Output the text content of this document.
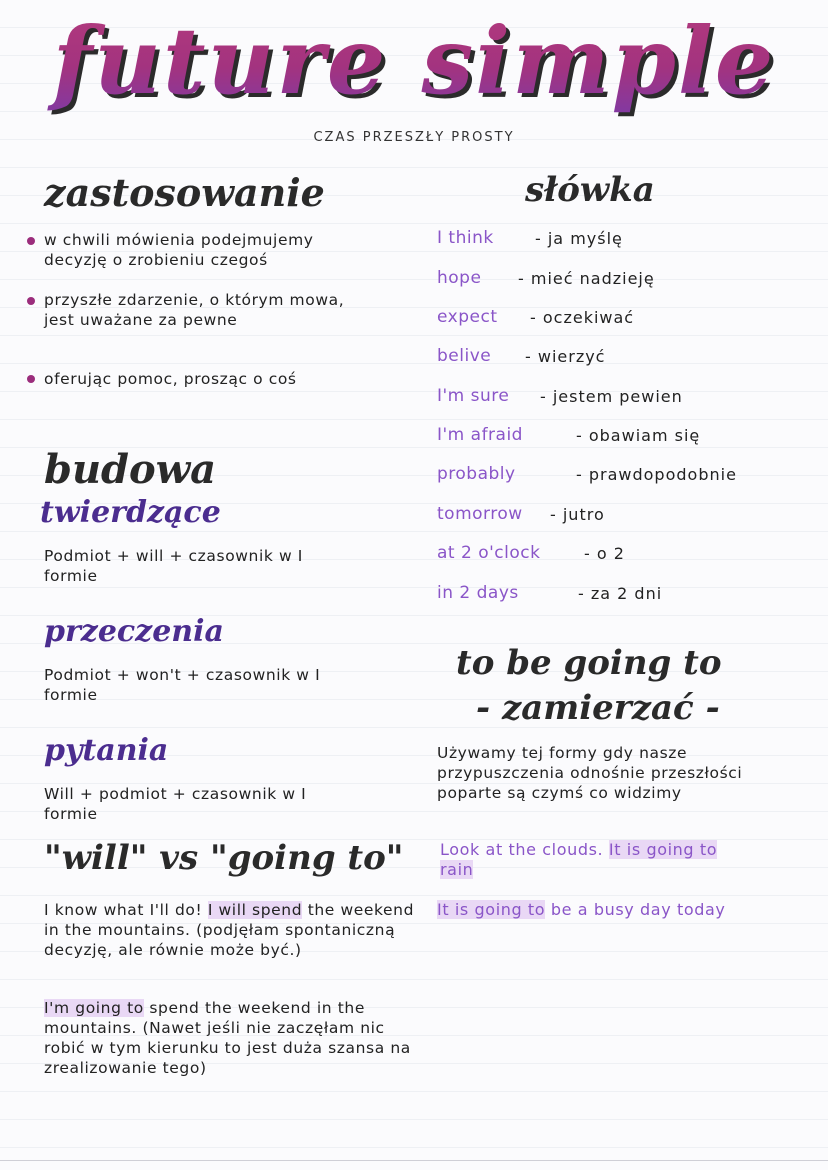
future simple
CZAS PRZESZŁY PROSTY
zastosowanie
w chwili mówienia podejmujemy decyzję o zrobieniu czegoś
przyszłe zdarzenie, o którym mowa, jest uważane za pewne
oferując pomoc, prosząc o coś
budowa
twierdzące
Podmiot + will + czasownik w I formie
przeczenia
Podmiot + won't + czasownik w I formie
pytania
Will + podmiot + czasownik w I formie
"will" vs "going to"
I know what I'll do! I will spend the weekend in the mountains. (podjęłam spontaniczną decyzję, ale równie może być.)
I'm going to spend the weekend in the mountains. (Nawet jeśli nie zaczęłam nic robić w tym kierunku to jest duża szansa na zrealizowanie tego)
słówka
I think	- ja myślę
hope - mieć nadzieję
expect - oczekiwać
belive - wierzyć
I'm sure - jestem pewien
I'm afraid	- obawiam się
probably	- prawdopodobnie
tomorrow - jutro
at 2 o'clock	- o 2
in 2 days	- za 2 dni
to be going to
- zamierzać -
Używamy tej formy gdy nasze przypuszczenia odnośnie przeszłości poparte są czymś co widzimy
Look at the clouds. It is going to rain
It is going to be a busy day today
